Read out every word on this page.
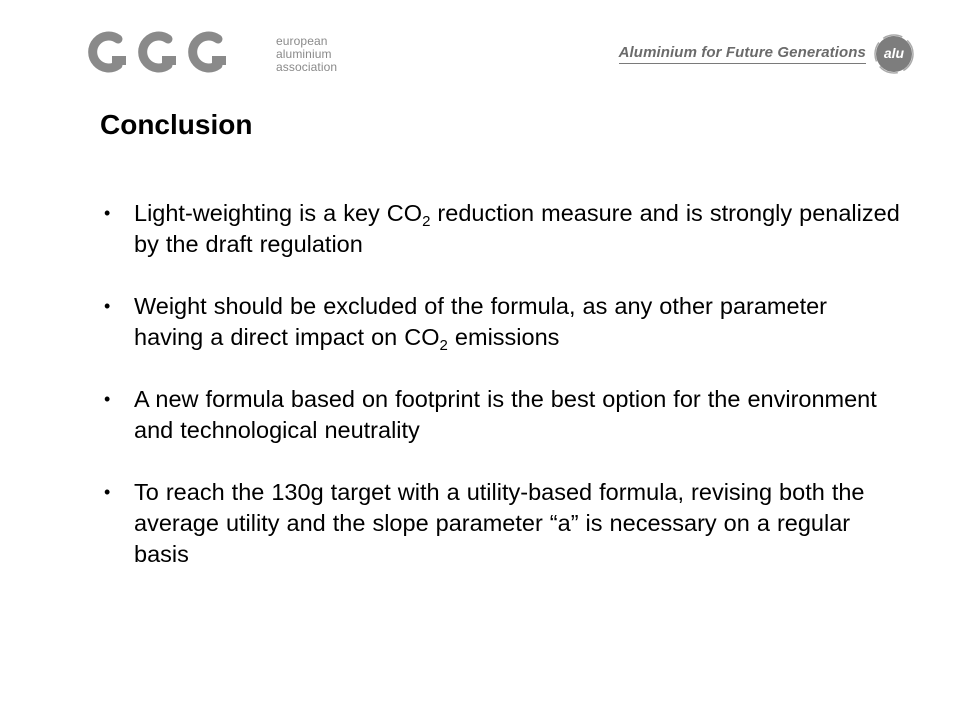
european
aluminium association
Aluminium for Future Generations	alu
Conclusion
• Light-weighting is a key $CO_2$ reduction measure and is strongly penalized by the draft regulation
• Weight should be excluded of the formula, as any other parameter having a direct impact on $CO_2$ emissions
• A new formula based on footprint is the best option for the environment and technological neutrality
• To reach the 130g target with a utility-based formula, revising both the average utility and the slope parameter “a” is necessary on a regular basis
